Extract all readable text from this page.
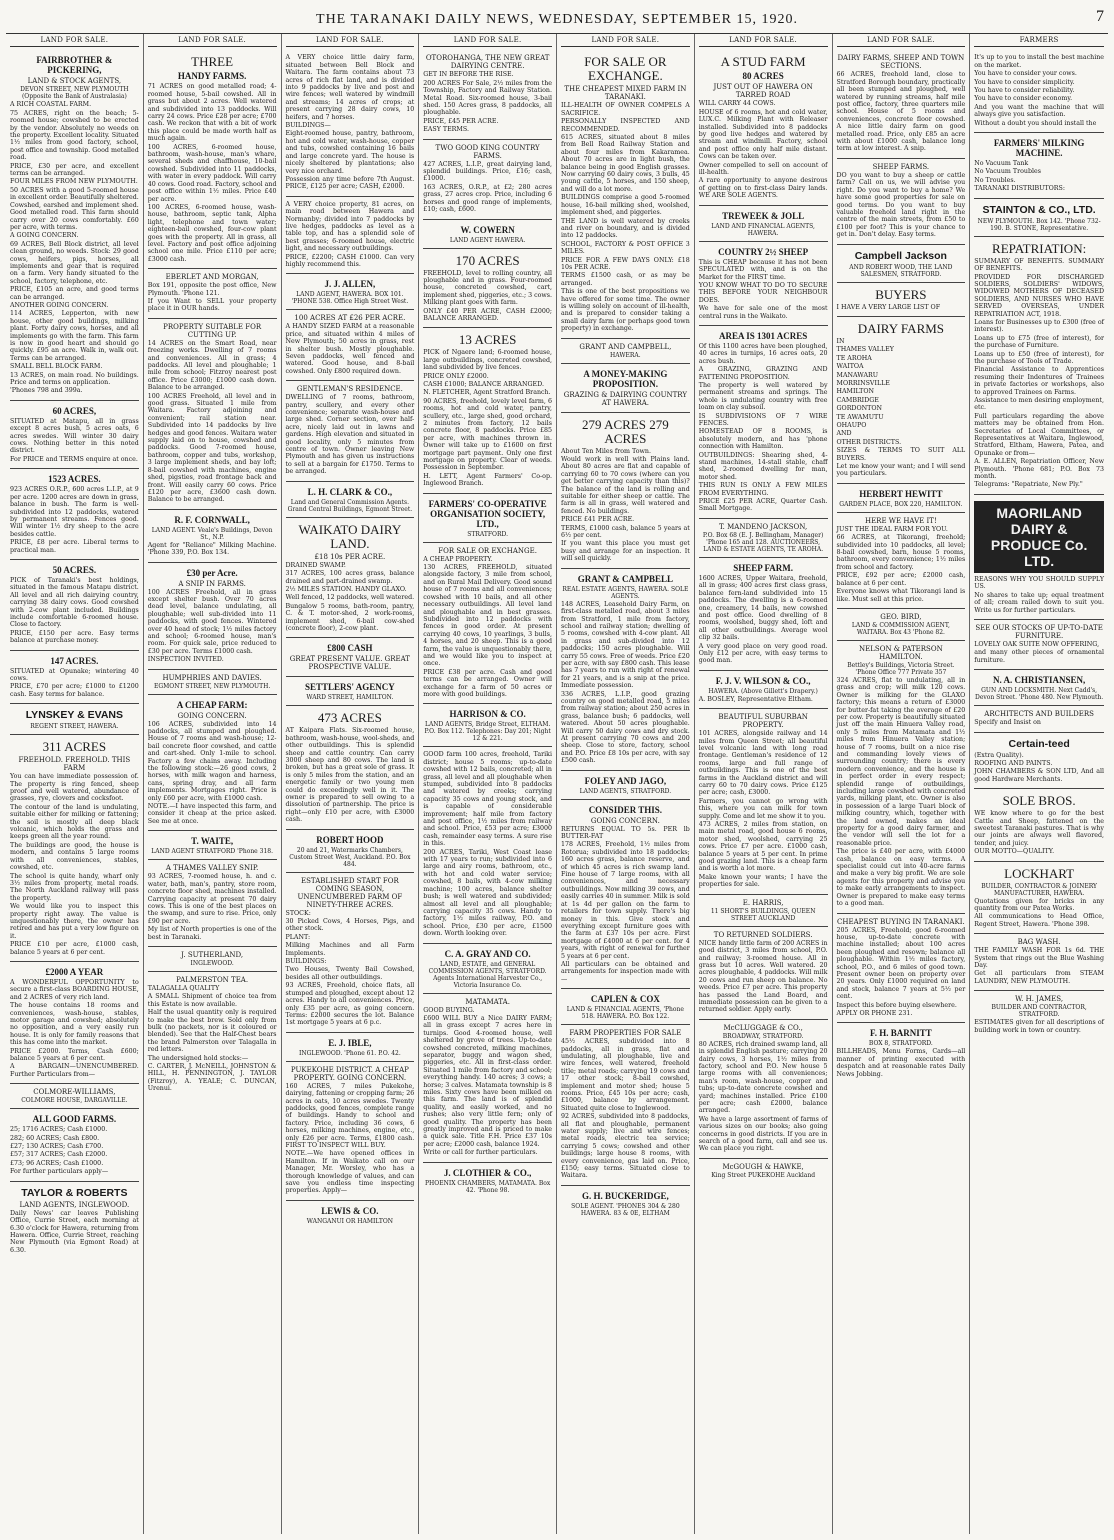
THE TARANAKI DAILY NEWS, WEDNESDAY, SEPTEMBER 15, 1920.	7
LAND FOR SALE.
FAIRBROTHER & PICKERING,
LAND & STOCK AGENTS,
DEVON STREET, NEW PLYMOUTH (Opposite the Bank of Australasia)
A RICH COASTAL FARM.
75 ACRES, right on the beach; 5-roomed house; cowshed to be erected by the vendor. Absolutely no weeds on the property. Excellent locality. Situated 1½ miles from good factory, school, post office and township. Good metalled road.
PRICE, £30 per acre, and excellent terms can be arranged.
FOUR MILES FROM NEW PLYMOUTH.
50 ACRES with a good 5-roomed house in excellent order. Beautifully sheltered. Cowshed, earshed and implement shed. Good metalled road. This farm should carry over 20 cows comfortably. £60 per acre, with terms.
A GOING CONCERN.
69 ACRES, Bell Block district, all level clean ground, no weeds. Stock: 29 good cows, heifers, pigs, horses, all implements and gear that is required on a farm. Very handy situated to the school, factory, telephone, etc.
PRICE, £105 an acre, and good terms can be arranged.
ANOTHER GOING CONCERN.
114 ACRES, Lepperton, with new house, other good buildings, milking plant. Forty dairy cows, horses, and all implements go with the farm. This farm is now in good heart and should go quickly. £95 an acre. Walk in, walk out. Terms can be arranged.
SMALL BELL BLOCK FARM.
13 ACRES, on main road. No buildings. Price and terms on application.
'Phones 798 and 399a.
60 ACRES,
SITUATED at Matapu, all in grass except 8 acres bush, 5 acres oats, 6 acres swedes. Will winter 30 dairy cows. Nothing better in this noted district.
For PRICE and TERMS enquire at once.
1523 ACRES.
923 ACRES O.R.P., 600 acres L.I.P., at 9 per acre. 1200 acres are down in grass, balance in bush. The farm is well-subdivided into 12 paddocks, watered by permanent streams. Fences good. Will winter 1½ dry sheep to the acre besides cattle.
PRICE, £8 per acre. Liberal terms to practical man.
50 ACRES.
PICK of Taranaki's best holdings, situated in the famous Matapu district. All level and all rich dairying country, carrying 38 dairy cows. Good cowshed with 2-cow plant included. Buildings include comfortable 6-roomed house. Close to factory.
PRICE, £150 per acre. Easy terms balance at purchase money.
147 ACRES.
SITUATED at Opunake; wintering 40 cows.
PRICE, £70 per acre; £1000 to £1200 cash. Easy terms for balance.
LYNSKEY & EVANS
REGENT STREET, HAWERA.
311 ACRES
FREEHOLD. FREEHOLD. THIS FARM
You can have immediate possession of. The property is ring fenced, sheep proof and well watered, abundance of grasses, rye, clovers and cocksfoot.
The contour of the land is undulating, suitable either for milking or fattening; the soil is mostly all deep black volcanic, which holds the grass and keeps green all the year round.
The buildings are good, the house is modern, and contains 5 large rooms with all conveniences, stables, cowshed, etc.
The school is quite handy, wharf only 3½ miles from property, metal roads. The North Auckland railway will pass the property.
We would like you to inspect this property right away. The value is unquestionably there, the owner has retired and has put a very low figure on it.
PRICE £10 per acre, £1000 cash, balance 5 years at 6 per cent.
£2000 A YEAR
A WONDERFUL OPPORTUNITY to secure a first-class BOARDING HOUSE, and 2 ACRES of very rich land.
The house contains 18 rooms and conveniences, wash-house, stables, motor garage and cowshed; absolutely no opposition, and a very easily run house. It is only for family reasons that this has come into the market.
PRICE £2000. Terms, Cash £600; balance 5 years at 6 per cent.
A BARGAIN—UNENCUMBERED. Further Particulars from—
COLMORE-WILLIAMS,
COLMORE HOUSE, DARGAVILLE.
ALL GOOD FARMS.
25; 1716 ACRES; Cash £1000.
282; 60 ACRES; Cash £800.
£27; 130 ACRES; Cash £700.
£57; 317 ACRES; Cash £2000.
£73; 96 ACRES; Cash £1000.
For further particulars apply—
TAYLOR & ROBERTS
LAND AGENTS, INGLEWOOD.
Daily News' car leaves Publishing Office, Currie Street, each morning at 6.30 o'clock for Hawera, returning from Hawera. Office, Currie Street, reaching New Plymouth (via Egmont Road) at 6.30.
LAND FOR SALE.
THREE
HANDY FARMS.
71 ACRES on good metalled road; 4-roomed house, 5-bail cowshed. All in grass but about 2 acres. Well watered and subdivided into 13 paddocks. Will carry 24 cows. Price £28 per acre; £700 cash. We reckon that with a bit of work this place could be made worth half as much again.
100 ACRES, 6-roomed house, bathroom, wash-house, man's whare, several sheds and chaffhouse, 10-bail cowshed. Subdivided into 11 paddocks, with water in every paddock. Will carry 40 cows. Good road. Factory, school and post office within 1½ miles. Price £40 per acre.
100 ACRES, 6-roomed house, wash-house, bathroom, septic tank, Alpha light, telephone and town water; eighteen-bail cowshed, four-cow plant goes with the property. All in grass, all level. Factory and post office adjoining school one mile. Price £110 per acre; £3000 cash.
EBERLET AND MORGAN,
Box 191, opposite the post office, New Plymouth. 'Phone 121.
If you Want to SELL your property place it in OUR hands.
PROPERTY SUITABLE FOR CUTTING UP.
14 ACRES on the Smart Road, near freezing works. Dwelling of 7 rooms and conveniences. All in grass; 4 paddocks. All level and ploughable; 1 mile from school; Fitzroy nearest post office. Price £3000; £1000 cash down. Balance to be arranged.
100 ACRES Freehold, all level and in good grass. Situated 1 mile from Waitara. Factory adjoining and convenient; rail station near. Subdivided into 14 paddocks by live hedges and good fences. Waitara water supply laid on to house, cowshed and paddocks. Good 7-roomed house, bathroom, copper and tubs, workshop, 3 large implement sheds, and bay loft; 8-bail cowshed with machines, engine shed, pigsties, road frontage back and front. Will easily carry 60 cows. Price £120 per acre, £3600 cash down. Balance to be arranged.
R. F. CORNWALL,
LAND AGENT. Veale's Buildings, Devon St., N.P.
Agent for "Reliance" Milking Machine. 'Phone 339, P.O. Box 134.
£30 per Acre.
A SNIP IN FARMS.
100 ACRES Freehold, all in grass except shelter bush. Over 70 acres dead level, balance undulating, all ploughable; well sub-divided into 11 paddocks, with good fences. Wintered over 40 head of stock; 1½ miles factory and school; 6-roomed house, man's room. For quick sale, price reduced to £30 per acre. Terms £1000 cash.
INSPECTION INVITED.
HUMPHRIES AND DAVIES.
EGMONT STREET, NEW PLYMOUTH.
A CHEAP FARM:
GOING CONCERN.
106 ACRES, subdivided into 14 paddocks, all stumped and ploughed. House of 7 rooms and wash-house; 12-bail concrete floor cowshed, and cattle and cart-shed. Only 1-mile to school. Factory a few chains away. Including the following stock:—26 good cows, 2 horses, with milk wagon and harness, cans, spring dray, and all farm implements. Mortgages right. Price is only £60 per acre, with £1000 cash.
NOTE.—I have inspected this farm, and consider it cheap at the price asked. See me at once.
T. WAITE,
LAND AGENT STRATFORD 'Phone 318.
A THAMES VALLEY SNIP.
93 ACRES, 7-roomed house, h. and c. water, bath, man's, pantry, store room, concrete floor shed, machines installed. Carrying capacity at present 70 dairy cows. This is one of the best places on the swamp, and sure to rise. Price, only £90 per acre.
My list of North properties is one of the best in Taranaki.
J. SUTHERLAND,
INGLEWOOD.
PALMERSTON TEA.
TALAGALLA QUALITY
A SMALL Shipment of choice tea from this Estate is now available.
Half the usual quantity only is required to make the best brew. Sold only from bulk (no packets, nor is it coloured or blended). See that the Half-Chest bears the brand Palmerston over Talagalla in red letters.
The undersigned hold stocks:—
C. CARTER, J. McNEILL, JOHNSTON & HILL, H. PENNINGTON, J. TAYLOR (Fitzroy), A. YEALE; C. DUNCAN, Urenui.
LAND FOR SALE.
A VERY choice little dairy farm, situated between Bell Block and Waitara. The farm contains about 73 acres of rich flat land, and is divided into 9 paddocks by live and post and wire fences; well watered by windmill and streams; 14 acres of crops; at present carrying 28 dairy cows, 10 heifers, and 7 horses.
BUILDINGS—
Eight-roomed house, pantry, bathroom, hot and cold water, wash-house, copper and tubs, cowshed containing 16 bails and large concrete yard. The house is nicely sheltered by plantations; also very nice orchard.
Possession any time before 7th August. PRICE, £125 per acre; CASH, £2000.
A VERY choice property, 81 acres, on main road between Hawera and Normanby; divided into 7 paddocks by live hedges, paddocks as level as a table top, and has a splendid sole of best grasses; 6-roomed house, electric light, and necessary outbuildings.
PRICE, £2200; CASH £1000. Can very highly recommend this.
J. J. ALLEN,
LAND AGENT, HAWERA. BOX 101. 'PHONE 538. Office High Street West.
100 ACRES AT £26 PER ACRE.
A HANDY SIZED FARM at a reasonable price, and situated within 4 miles of New Plymouth; 50 acres in grass, rest in shelter bush. Mostly ploughable. Seven paddocks, well fenced and watered. Good house, and 8-bail cowshed. Only £800 required down.
GENTLEMAN'S RESIDENCE.
DWELLING of 7 rooms, bathroom, pantry, scullery, and every other convenience; separate wash-house and large shed. Corner section, over half-acre, nicely laid out in lawns and gardens. High elevation and situated in good locality, only 5 minutes from centre of town. Owner leaving New Plymouth and has given us instructions to sell at a bargain for £1750. Terms to be arranged.
L. H. CLARK & CO.,
Land and General Commission Agents. Grand Central Buildings, Egmont Street.
WAIKATO DAIRY LAND.
£18 10s PER ACRE.
DRAINED SWAMP.
317 ACRES, 100 acres grass, balance drained and part-drained swamp.
2½ MILES STATION. HANDY GLAXO.
Well fenced, 12 paddocks, well watered.
Bungalow 5 rooms, bath-room, pantry, C. & T. motor-shed, 2 work-rooms, implement shed, 6-bail cow-shed (concrete floor), 2-cow plant.
£800 CASH
GREAT PRESENT VALUE. GREAT PROSPECTIVE VALUE.
SETTLERS' AGENCY
WARD STREET, HAMILTON.
473 ACRES
AT Kaipara Flats. Six-roomed house, bathroom, wash-house, wool-sheds, and other outbuildings. This is splendid sheep and cattle country. Can carry 3000 sheep and 80 cows. The land is broken, but has a great sole of grass. It is only 5 miles from the station, and an energetic family or two young men could do exceedingly well in it. The owner is prepared to sell owing to a dissolution of partnership. The price is right—only £10 per acre, with £3000 cash.
ROBERT HOOD
20 and 21, Watermarks Chambers, Custom Street West, Auckland. P.O. Box 484.
ESTABLISHED START FOR COMING SEASON, UNENCUMBERED FARM OF NINETY-THREE ACRES.
STOCK:
30 Picked Cows, 4 Horses, Pigs, and other stock.
PLANT:
Milking Machines and all Farm Implements.
BUILDINGS:
Two Houses, Twenty Bail Cowshed, besides all other outbuildings.
93 ACRES, Freehold, choice flats, all stumped and ploughed, except about 12 acres. Handy to all conveniences. Price, only £35 per acre, as going concern. Terms: £2000 secures the lot. Balance 1st mortgage 5 years at 6 p.c.
E. J. IBLE,
INGLEWOOD. 'Phone 61. P.O. 42.
PUKEKOHE DISTRICT. A CHEAP PROPERTY. GOING CONCERN.
160 ACRES, 7 miles Pukekohe, dairying, fattening or cropping farm; 26 acres in oats, 10 acres swedes. Twenty paddocks, good fences, complete range of buildings. Handy to school and factory. Price, including 36 cows, 6 horses, milking machines, engine, etc., only £26 per acre. Terms, £1800 cash. FIRST TO INSPECT WILL BUY.
NOTE.—We have opened offices in Hamilton. If in Waikato call on our Manager, Mr. Worsley, who has a thorough knowledge of values, and can save you endless time inspecting properties. Apply—
LEWIS & CO.
WANGANUI OR HAMILTON
LAND FOR SALE.
OTOROHANGA, THE NEW GREAT DAIRYING CENTRE.
GET IN BEFORE THE RISE.
200 ACRES For Sale, 2½ miles from the Township, Factory and Railway Station. Metal Road. Six-roomed house, 3-bail shed. 150 Acres grass, 8 paddocks, all ploughable.
PRICE, £45 PER ACRE.
EASY TERMS.
TWO GOOD KING COUNTRY FARMS.
427 ACRES, L.I.P., great dairying land, splendid buildings. Price, £16; cash, £1000.
163 ACRES, O.R.P., at £2; 280 acres grass, 27 acres crop. Price, including 6 horses and good range of implements, £10; cash, £600.
W. COWERN
LAND AGENT HAWERA.
170 ACRES
FREEHOLD, level to rolling country, all ploughable and in grass. Four-roomed house, concreted cowshed, cart, implement shed, piggeries, etc.; 3 cows. Milking plant goes with farm.
ONLY £40 PER ACRE, CASH £2000; BALANCE ARRANGED.
13 ACRES
PICK of Ngaere land; 6-roomed house, large outbuildings, concreted cowshed, land subdivided by live fences.
PRICE ONLY £2000.
CASH £1000; BALANCE ARRANGED.
N. FLETCHER, Agent Stratford Branch.
90 ACRES, freehold, lovely level farm, 6 rooms, hot and cold water, pantry, scullery, etc., large shed, good orchard, 2 minutes from factory, 12 bails concrete floor, 8 paddocks. Price £85 per acre, with machines thrown in. Owner will take up to £1600 on first mortgage part payment. Only one first mortgage on property. Clear of weeds. Possession in September.
H. LETT, Agent Farmers' Co-op. Inglewood Branch.
FARMERS' CO-OPERATIVE ORGANISATION SOCIETY, LTD.,
STRATFORD.
FOR SALE OR EXCHANGE.
A CHEAP PROPERTY.
130 ACRES, FREEHOLD, situated alongside factory, 3 mile from school, and on Rural Mail Delivery. Good sound house of 7 rooms and all conveniences; cowshed with 10 bails, and all other necessary outbuildings. All level land and ploughable and in best grasses. Subdivided into 12 paddocks with fences in good order. At present carrying 40 cows, 10 yearlings, 3 bulls, 4 horses, and 20 sheep. This is a good farm, the value is unquestionably there, and we would like you to inspect at once.
PRICE £38 per acre. Cash and good terms can be arranged. Owner will exchange for a farm of 50 acres or more with good buildings.
HARRISON & CO.
LAND AGENTS, Bridge Street, ELTHAM. P.O. Box 112. Telephones: Day 201; Night 12 & 221.
GOOD farm 100 acres, freehold, Tariki district; house 5 rooms; up-to-date cowshed with 12 bails, concreted; all in grass, all level and all ploughable when stumped, subdivided into 8 paddocks and watered by creeks; carrying capacity 35 cows and young stock, and is capable of considerable improvement; half mile from factory and post office, 1½ miles from railway and school. Price, £53 per acre; £3000 cash, remainder easy terms. A sure rise in this.
200 ACRES, Tariki, West Coast lease with 17 years to run; subdivided into 6 large and airy rooms, bathroom, etc., with hot and cold water service; cowshed, 8 bails, with 4-cow milking machine; 100 acres, balance shelter bush; is well watered and subdivided; almost all level and all ploughable; carrying capacity 35 cows. Handy to factory, 1½ miles railway, P.O. and school. Price, £30 per acre, £1500 down. Worth looking over.
C. A. GRAY AND CO.
LAND, ESTATE, and GENERAL COMMISSION AGENTS, STRATFORD. Agents International Harvester Co., Victoria Insurance Co.
MATAMATA.
GOOD BUYING.
£600 WILL BUY a Nice DAIRY FARM; all in grass except 7 acres here in turnips. Good 4-roomed house, well sheltered by grove of trees. Up-to-date cowshed concreted, milking machines, separator, buggy and wagon shed, piggeries, etc. All in first-class order. Situated 1 mile from factory and school; everything handy. 140 acres; 3 cows; a horse; 3 calves. Matamata township is 8 miles. Sixty cows have been milked on this farm. The land is of splendid quality, and easily worked, and no rushes; also very little fern; only of good quality. The property has been greatly improved and is priced to make a quick sale. Title F.H. Price £37 10s per acre; £2000 cash, balance 1924.
Write or call for further particulars.
J. CLOTHIER & CO.,
PHOENIX CHAMBERS, MATAMATA. Box 42. 'Phone 98.
LAND FOR SALE.
FOR SALE OR EXCHANGE.
THE CHEAPEST MIXED FARM IN TARANAKI.
ILL-HEALTH OF OWNER COMPELS A SACRIFICE.
PERSONALLY INSPECTED AND RECOMMENDED.
615 ACRES, situated about 8 miles from Bell Road Railway Station and about four miles from Kakaramea. About 70 acres are in light bush, the balance being in good English grasses. Now carrying 60 dairy cows, 3 bulls, 45 young cattle, 5 horses, and 150 sheep, and will do a lot more.
BUILDINGS comprise a good 5-roomed house, 16-bail milking shed, woolshed, implement shed, and piggeries.
THE LAND is well watered by creeks and river on boundary, and is divided into 12 paddocks.
SCHOOL, FACTORY & POST OFFICE 3 MILES.
PRICE FOR A FEW DAYS ONLY: £18 10s PER ACRE.
TERMS £1500 cash, or as may be arranged.
This is one of the best propositions we have offered for some time. The owner is willing solely on account of ill-health, and is prepared to consider taking a small dairy farm (or perhaps good town property) in exchange.
GRANT AND CAMPBELL,
HAWERA.
A MONEY-MAKING PROPOSITION.
GRAZING & DAIRYING COUNTRY AT HAWERA.
279 ACRES 279 ACRES
About Ten Miles from Town.
Would work in well with Plains land. About 80 acres are flat and capable of carrying 60 to 70 cows (where can you get better carrying capacity than this)? The balance of the land is rolling and suitable for either sheep or cattle. The farm is all in grass, well watered and fenced. No buildings.
PRICE £41 PER ACRE.
TERMS, £1000 cash, balance 5 years at 6½ per cent.
If you want this place you must get busy and arrange for an inspection. It will sell quickly.
GRANT & CAMPBELL
REAL ESTATE AGENTS, HAWERA. SOLE AGENTS.
148 ACRES, Leasehold Dairy Farm, on first-class metalled road, about 3 miles from Stratford, 1 mile from factory, school and railway station; dwelling of 5 rooms, cowshed with 4-cow plant. All in grass and sub-divided into 12 paddocks; 150 acres ploughable. Will carry 55 cows. Free of weeds. Price £20 per acre, with say £800 cash. This lease has 7 years to run with right of renewal for 21 years, and is a snip at the price. Immediate possession.
336 ACRES, L.I.P., good grazing country on good metalled road, 5 miles from railway station; about 250 acres in grass, balance bush; 6 paddocks, well watered. About 50 acres ploughable. Will carry 50 dairy cows and dry stock. At present carrying 70 cows and 200 sheep. Close to store, factory, school and P.O. Price £8 10s per acre, with say £500 cash.
FOLEY AND JAGO,
LAND AGENTS, STRATFORD.
CONSIDER THIS.
GOING CONCERN.
RETURNS EQUAL TO 5s. PER lb BUTTER-FAT
178 ACRES, Freehold, 1½ miles from Rotorua; subdivided into 18 paddocks; 160 acres grass, balance reserve, and of which 45 acres is rich swamp land. Fine house of 7 large rooms, with all conveniences, and necessary outbuildings. Now milking 39 cows, and easily carries 40 in summer. Milk is sold at 1s 4d per gallon on the farm to retailers for town supply. There's big money in this. Give stock and everything except furniture goes with the farm at £37 10s per acre. First mortgage of £4000 at 6 per cent. for 4 years, with right of renewal for further 5 years at 6 per cent.
All particulars can be obtained and arrangements for inspection made with—
CAPLEN & COX
LAND & FINANCIAL AGENTS, 'Phone 518. HAWERA. P.O. Box 122.
FARM PROPERTIES FOR SALE
45½ ACRES, subdivided into 8 paddocks, all in grass, flat and undulating, all ploughable, live and wire fences, well watered, freehold title; metal roads; carrying 19 cows and 17 other stock; 8-bail cowshed, implement and motor shed; house 5 rooms. Price, £45 10s per acre; cash, £1000, balance by arrangement. Situated quite close to Inglewood.
92 ACRES, subdivided into 8 paddocks, all flat and ploughable, permanent water supply; live and wire fences; metal roads, electric tea service; carrying 5 cows; cowshed and other buildings; large house 8 rooms, with every convenience, gas laid on. Price, £150; easy terms. Situated close to Waitara.
G. H. BUCKERIDGE,
SOLE AGENT. 'PHONES 304 & 280 HAWERA. 83 & 0E, ELTHAM
LAND FOR SALE.
A STUD FARM
80 ACRES
JUST OUT OF HAWERA ON TARRED ROAD
WILL CARRY 44 COWS.
HOUSE of 6 rooms, hot and cold water, LUX.C. Milking Plant with Releaser installed. Subdivided into 8 paddocks by good live hedges and watered by stream and windmill. Factory, school and post office only half mile distant. Cows can be taken over.
Owner compelled to sell on account of ill-health.
A rare opportunity to anyone desirous of getting on to first-class Dairy lands. WE ARE SOLE AGENTS.
TREWEEK & JOLL
LAND AND FINANCIAL AGENTS, HAWERA.
COUNTRY 2½ SHEEP
This is CHEAP because it has not been SPECULATED with, and is on the Market for the FIRST time.
YOU KNOW WHAT TO DO TO SECURE THIS BEFORE YOUR NEIGHBOUR DOES.
We have for sale one of the most central runs in the Waikato.
AREA IS 1301 ACRES
Of this 1100 acres have been ploughed, 40 acres in turnips, 16 acres oats, 20 acres bush.
A GRAZING, GRAZING AND FATTENING PROPOSITION.
The property is well watered by permanent streams and springs. The whole is undulating country with free loam on clay subsoil.
IS SUBDIVISIONS OF 7 WIRE FENCES.
HOMESTEAD OF 8 ROOMS, is absolutely modern, and has 'phone connection with Hamilton.
OUTBUILDINGS: Shearing shed, 4-stand machines, 14-stall stable, chaff shed, 2-roomed dwelling for man, motor shed.
THIS RUN IS ONLY A FEW MILES FROM EVERYTHING.
PRICE £25 PER ACRE, Quarter Cash. Small Mortgage.
T. MANDENO JACKSON,
P.O. Box 68 (E. J. Bellingham, Manager) 'Phone 165 and 128. AUCTIONEERS, LAND & ESTATE AGENTS, TE AROHA.
SHEEP FARM.
1600 ACRES, Upper Waitara, freehold, all in grass; 400 acres first class grass, balance fern-land subdivided into 15 paddocks. The dwelling is a 6-roomed one, creamery, 14 bails, new cowshed and post office. Good dwelling of 8 rooms, woolshed, buggy shed, loft and all other outbuildings. Average wool clip 32 bails.
A very good place on very good road. Only £12 per acre, with easy terms to good man.
F. J. V. WILSON & CO.,
HAWERA. (Above Gillett's Drapery.)
A. BOSLEY, Representative Eltham.
BEAUTIFUL SUBURBAN PROPERTY.
101 ACRES, alongside railway and 14 miles from Queen Street; all beautiful level volcanic land with long road frontage. Gentleman's residence of 12 rooms, large and full range of outbuildings. This is one of the best farms in the Auckland district and will carry 60 to 70 dairy cows. Price £125 per acre; cash, £3000.
Farmers, you cannot go wrong with this, where you can milk for town supply. Come and let me show it to you.
473 ACRES, 2 miles from station, on main metal road, good house 6 rooms, motor shed, woolshed, carrying 25 cows. Price £7 per acre. £1000 cash, balance 5 years at 5 per cent. In prime good grazing land. This is a cheap farm and is worth a lot more.
Make known your wants; I have the properties for sale.
E. HARRIS,
11 SHORT'S BUILDINGS, QUEEN STREET AUCKLAND
TO RETURNED SOLDIERS.
NICE handy little farm of 200 ACRES in good district, 3 miles from school, P.O. and railway; 3-roomed house. All in grass but 10 acres. Well watered. 20 acres ploughable, 4 paddocks. Will milk 20 cows and run sheep on balance. No weeds. Price £7 per acre. This property has passed the Land Board, and immediate possession can be given to a returned soldier. Apply early.
McCLUGGAGE & CO.,
BROADWAY, STRATFORD.
80 ACRES, rich drained swamp land, all in splendid English pasture; carrying 20 dairy cows, 3 horses, 1½ miles from factory, school and P.O. New house 5 large rooms with all conveniences; man's room, wash-house, copper and tubs; up-to-date concrete cowshed and yard; machines installed. Price £100 per acre; cash £2000, balance arranged.
We have a large assortment of farms of various sizes on our books; also going concerns in good districts. If you are in search of a good farm, call and see us. We can place you right.
McGOUGH & HAWKE,
King Street PUKEKOHE Auckland
LAND FOR SALE.
DAIRY FARMS, SHEEP AND TOWN SECTIONS.
66 ACRES, freehold land, close to Stratford Borough boundary, practically all been stumped and ploughed, well watered by running streams, half mile post office, factory, three quarters mile school. House of 5 rooms and conveniences, concrete floor cowshed. A nice little dairy farm on good metalled road. Price, only £85 an acre with about £1000 cash, balance long term at low interest. A snip.
SHEEP FARMS.
DO you want to buy a sheep or cattle farm? Call on us, we will advise you right. Do you want to buy a home? We have some good properties for sale on good terms. Do you want to buy valuable freehold land right in the centre of the main streets, from £50 to £100 per foot? This is your chance to get in. Don't delay. Easy terms.
Campbell Jackson
AND ROBERT WOOD, THE LAND SALESMEN, STRATFORD.
BUYERS
I HAVE A VERY LARGE LIST OF
DAIRY FARMS
IN
THAMES VALLEY
TE AROHA
WAITOA
MANAWARU
MORRINSVILLE
HAMILTON
CAMBRIDGE
GORDONTON
TE AWAMUTU
OHAUPO
AND
OTHER DISTRICTS.
SIZES & TERMS TO SUIT ALL BUYERS.
Let me know your want; and I will send you particulars.
HERBERT HEWITT
GARDEN PLACE, BOX 220, HAMILTON.
HERE WE HAVE IT!
JUST THE IDEAL FARM FOR YOU.
66 ACRES, at Tikorangi, freehold; subdivided into 10 paddocks, all level; 8-bail cowshed, barn, house 5 rooms, bathroom, every convenience; 1½ miles from school and factory.
PRICE, £92 per acre; £2000 cash, balance at 6 per cent.
Everyone knows what Tikorangi land is like. Must sell at this price.
GEO. BIRD,
LAND & COMMISSION AGENT, WAITARA. Box 43 'Phone 82.
NELSON & PATERSON HAMILTON.
Bettley's Buildings, Victoria Street. 'Phone Office 777 Private 357
324 ACRES, flat to undulating, all in grass and crop; will milk 120 cows. Owner is milking for the GLAXO factory; this means a return of £3000 for butter-fat taking the average of £20 per cow. Property is beautifully situated just off the main Hinuera Valley road, only 5 miles from Matamata and 1½ miles from Hinuera Valley station; house of 7 rooms, built on a nice rise and commanding lovely views of surrounding country; there is every modern convenience, and the house is in perfect order in every respect; splendid range of outbuildings, including large cowshed with concreted yards, milking plant, etc. Owner is also in possession of a large Tuari block of milking country, which, together with the land owned, makes an ideal property for a good dairy farmer, and the vendor will sell the lot for a reasonable price.
The price is £40 per acre, with £4000 cash, balance on easy terms. A specialist could cut into 40-acre farms and make a very big profit. We are sole agents for this property and advise you to make early arrangements to inspect. Owner is prepared to make easy terms to a good man.
CHEAPEST BUYING IN TARANAKI.
205 ACRES, Freehold; good 6-roomed house, up-to-date concrete with machine installed; about 100 acres been ploughed and resown; balance all ploughable. Within 1½ miles factory, school, P.O., and 6 miles of good town. Present owner been on property over 20 years. Only £1000 required on land and stock, balance 7 years at 5½ per cent.
Inspect this before buying elsewhere.
APPLY OR PHONE 231.
F. H. BARNITT
BOX 8, STRATFORD.
BILLHEADS, Menu Forms, Cards—all manner of printing executed with despatch and at reasonable rates Daily News Jobbing.
FARMERS
It's up to you to install the best machine on the market.
You have to consider your cows.
You have to consider simplicity.
You have to consider reliability.
You have to consider economy.
And you want the machine that will always give you satisfaction.
Without a doubt you should install the
FARMERS' MILKING MACHINE.
No Vacuum Tank
No Vacuum Troubles
No Troubles.
TARANAKI DISTRIBUTORS:
STAINTON & CO., LTD.
NEW PLYMOUTH. Box 142. 'Phone 732-190. B. STONE, Representative.
REPATRIATION:
SUMMARY OF BENEFITS. SUMMARY OF BENEFITS.
PROVIDED FOR DISCHARGED SOLDIERS, SOLDIERS' WIDOWS, WIDOWED MOTHERS OF DECEASED SOLDIERS, AND NURSES WHO HAVE SERVED OVERSEAS, UNDER REPATRIATION ACT, 1918.
Loans for Businesses up to £300 (free of interest).
Loans up to £75 (free of interest), for the purchase of Furniture.
Loans up to £50 (free of interest), for the purchase of Tools of Trade.
Financial Assistance to Apprentices resuming their Indentures of Trainees in private factories or workshops, also to approved Trainees on Farms.
Assistance to men desiring employment, etc.
Full particulars regarding the above matters may be obtained from Hon. Secretaries of Local Committees, or Representatives at Waitara, Inglewood, Stratford, Eltham, Hawera, Patea, and Opunake or from—
A. E. ALLEN, Repatriation Officer, New Plymouth. 'Phone 681; P.O. Box 73 month.
Telegrams: "Repatriate, New Ply."
MAORILAND DAIRY & PRODUCE Co. LTD.
REASONS WHY YOU SHOULD SUPPLY US.
No shares to take up; equal treatment of all; cream railed down to suit you. Write us for further particulars.
SEE OUR STOCKS OF UP-TO-DATE FURNITURE.
LOVELY OAK SUITE NOW OFFERING,
and many other pieces of ornamental furniture.
N. A. CHRISTIANSEN,
GUN AND LOCKSMITH. Next Cadd's, Devon Street. 'Phone 480. New Plymouth.
ARCHITECTS AND BUILDERS
Specify and Insist on
Certain-teed
(Extra Quality).
ROOFING AND PAINTS.
JOHN CHAMBERS & SON LTD, And all good Hardware Merchants.
SOLE BROS.
WE know where to go for the best Cattle and Sheep, fattened on the sweetest Taranaki pastures. That is why our joints are always well flavored, tender, and juicy.
OUR MOTTO—QUALITY.
LOCKHART
BUILDER, CONTRACTOR & JOINERY MANUFACTURER, HAWERA.
Quotations given for bricks in any quantity from our Patea Works.
All communications to Head Office, Regent Street, Hawera. 'Phone 398.
BAG WASH.
THE FAMILY WASH FOR 1s 6d. THE System that rings out the Blue Washing Day.
Get all particulars from STEAM LAUNDRY, NEW PLYMOUTH.
W. H. JAMES,
BUILDER AND CONTRACTOR, STRATFORD.
ESTIMATES given for all descriptions of building work in town or country.
